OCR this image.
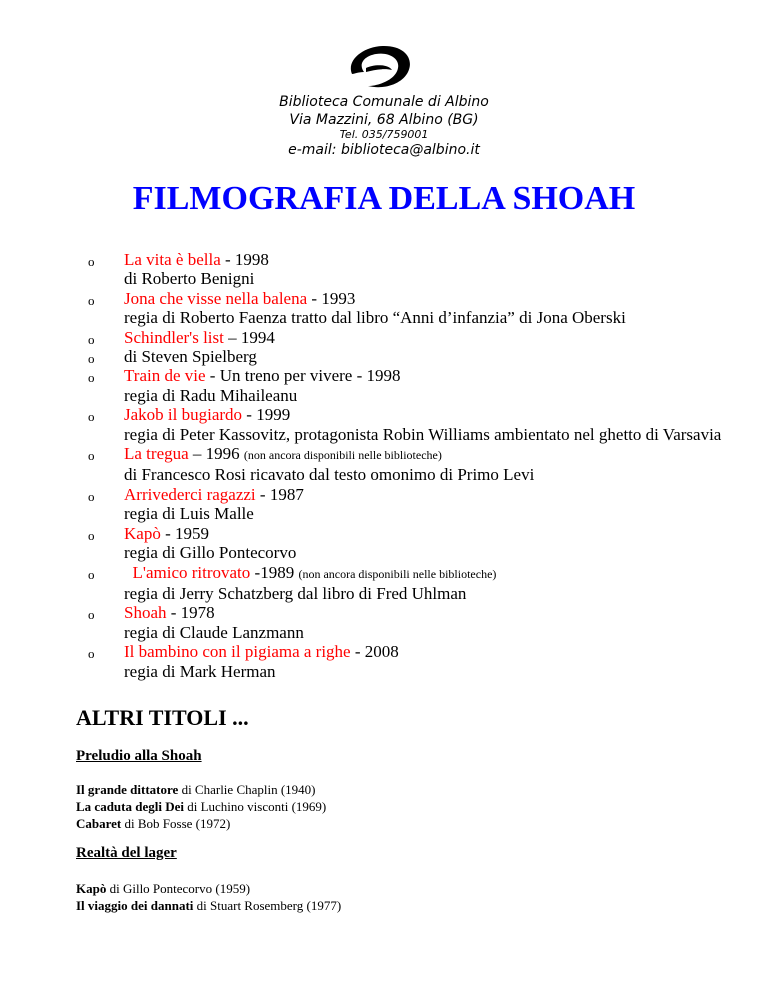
Biblioteca Comunale di Albino
Via Mazzini, 68 Albino (BG)
Tel. 035/759001
e-mail: biblioteca@albino.it
FILMOGRAFIA DELLA SHOAH
o La vita è bella - 1998
di Roberto Benigni
o Jona che visse nella balena - 1993
regia di Roberto Faenza tratto dal libro “Anni d’infanzia” di Jona Oberski
o Schindler's list – 1994
o di Steven Spielberg
o Train de vie - Un treno per vivere - 1998
regia di Radu Mihaileanu
o Jakob il bugiardo - 1999
regia di Peter Kassovitz, protagonista Robin Williams ambientato nel ghetto di Varsavia
o La tregua – 1996 (non ancora disponibili nelle biblioteche)
di Francesco Rosi ricavato dal testo omonimo di Primo Levi
o Arrivederci ragazzi - 1987
regia di Luis Malle
o Kapò - 1959
regia di Gillo Pontecorvo
o L'amico ritrovato -1989 (non ancora disponibili nelle biblioteche)
regia di Jerry Schatzberg dal libro di Fred Uhlman
o Shoah - 1978
regia di Claude Lanzmann
o Il bambino con il pigiama a righe - 2008
regia di Mark Herman
ALTRI TITOLI ...
Preludio alla Shoah
Il grande dittatore di Charlie Chaplin (1940)
La caduta degli Dei di Luchino visconti (1969)
Cabaret di Bob Fosse (1972)
Realtà del lager
Kapò di Gillo Pontecorvo (1959)
Il viaggio dei dannati di Stuart Rosemberg (1977)
